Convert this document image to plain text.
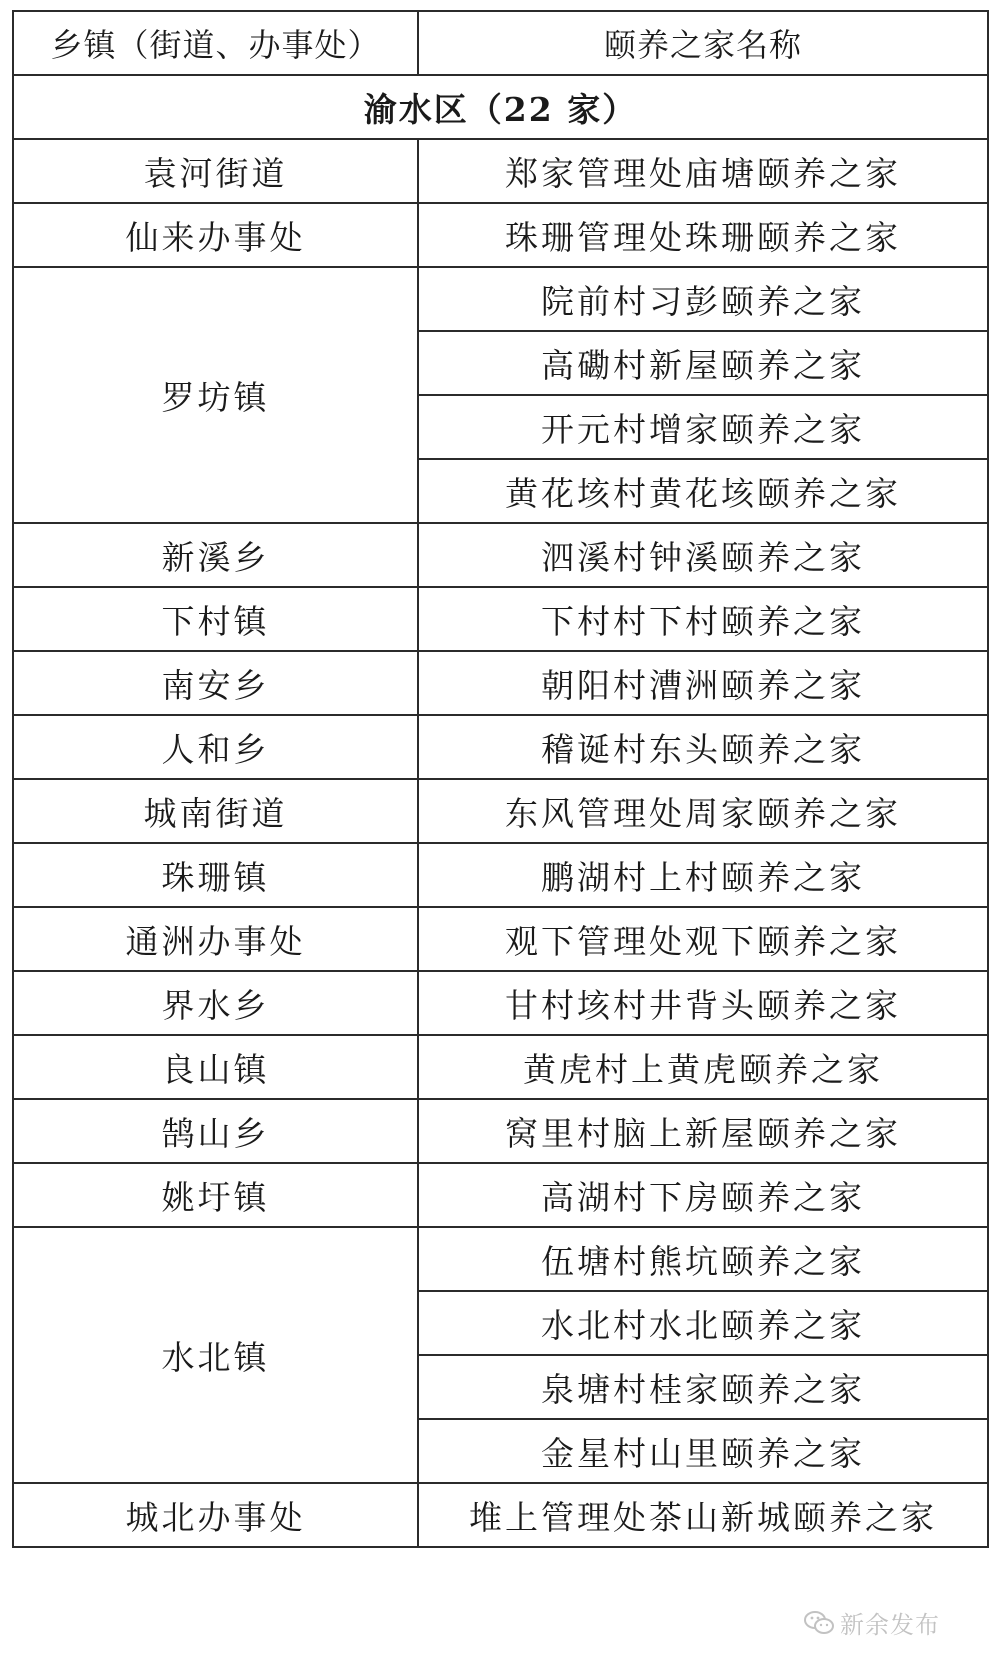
乡镇（街道、办事处）	颐养之家名称
渝水区（22 家）	
袁河街道	郑家管理处庙塘颐养之家
仙来办事处	珠珊管理处珠珊颐养之家
罗坊镇	院前村习彭颐养之家
	高磡村新屋颐养之家
	开元村增家颐养之家
	黄花垓村黄花垓颐养之家
新溪乡	泗溪村钟溪颐养之家
下村镇	下村村下村颐养之家
南安乡	朝阳村漕洲颐养之家
人和乡	稽诞村东头颐养之家
城南街道	东风管理处周家颐养之家
珠珊镇	鹏湖村上村颐养之家
通洲办事处	观下管理处观下颐养之家
界水乡	甘村垓村井背头颐养之家
良山镇	黄虎村上黄虎颐养之家
鹄山乡	窝里村脑上新屋颐养之家
姚圩镇	高湖村下房颐养之家
水北镇	伍塘村熊坑颐养之家
	水北村水北颐养之家
	泉塘村桂家颐养之家
	金星村山里颐养之家
城北办事处	堆上管理处茶山新城颐养之家
新余发布
